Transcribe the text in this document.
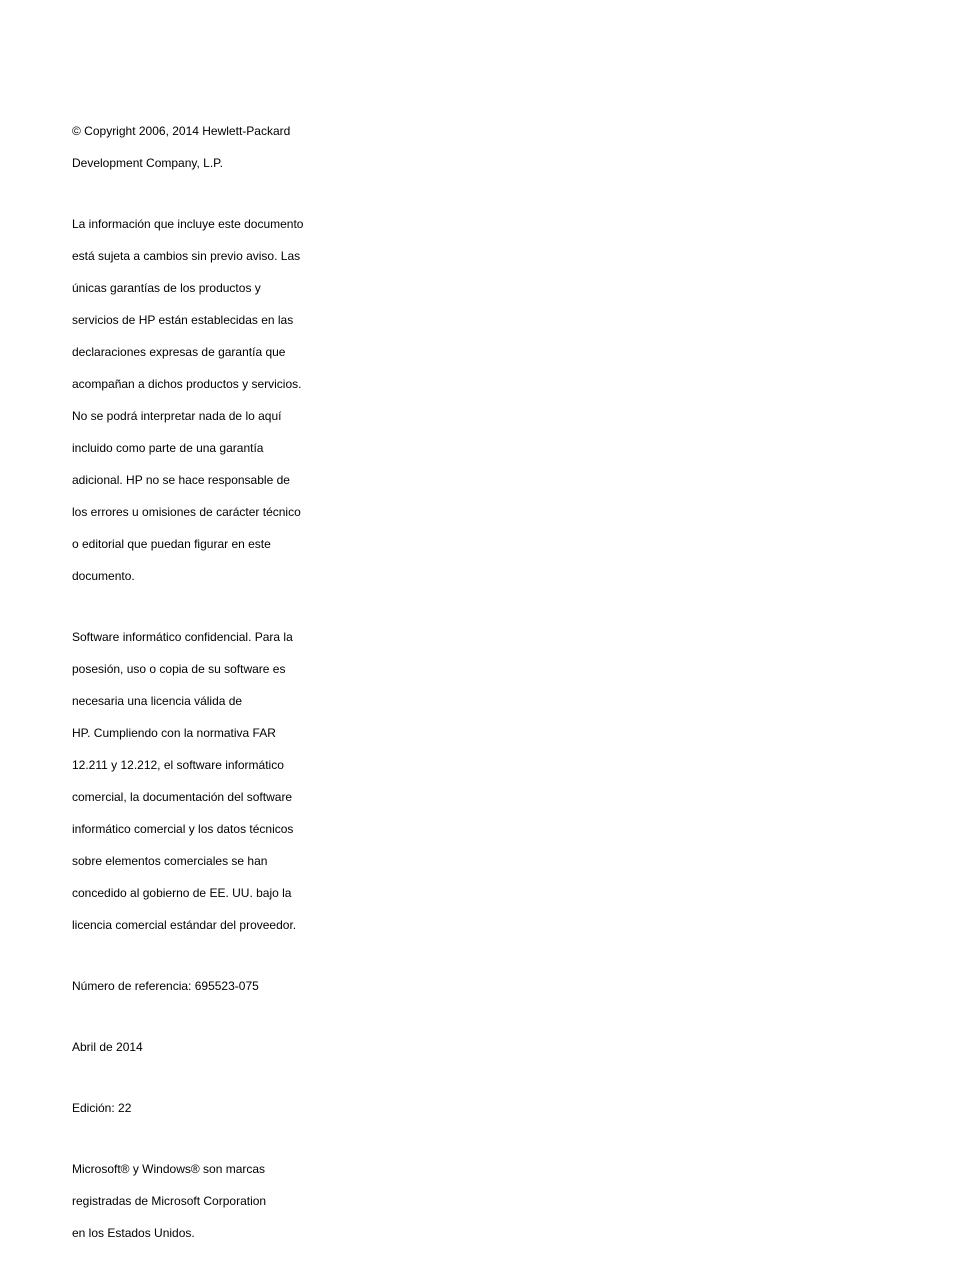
© Copyright 2006, 2014 Hewlett-Packard

Development Company, L.P.

La información que incluye este documento

está sujeta a cambios sin previo aviso. Las

únicas garantías de los productos y

servicios de HP están establecidas en las

declaraciones expresas de garantía que

acompañan a dichos productos y servicios.

No se podrá interpretar nada de lo aquí

incluido como parte de una garantía

adicional. HP no se hace responsable de

los errores u omisiones de carácter técnico

o editorial que puedan figurar en este

documento.

Software informático confidencial. Para la

posesión, uso o copia de su software es

necesaria una licencia válida de

HP. Cumpliendo con la normativa FAR

12.211 y 12.212, el software informático

comercial, la documentación del software

informático comercial y los datos técnicos

sobre elementos comerciales se han

concedido al gobierno de EE. UU. bajo la

licencia comercial estándar del proveedor.

Número de referencia: 695523-075

Abril de 2014

Edición: 22

Microsoft® y Windows® son marcas

registradas de Microsoft Corporation

en los Estados Unidos.
